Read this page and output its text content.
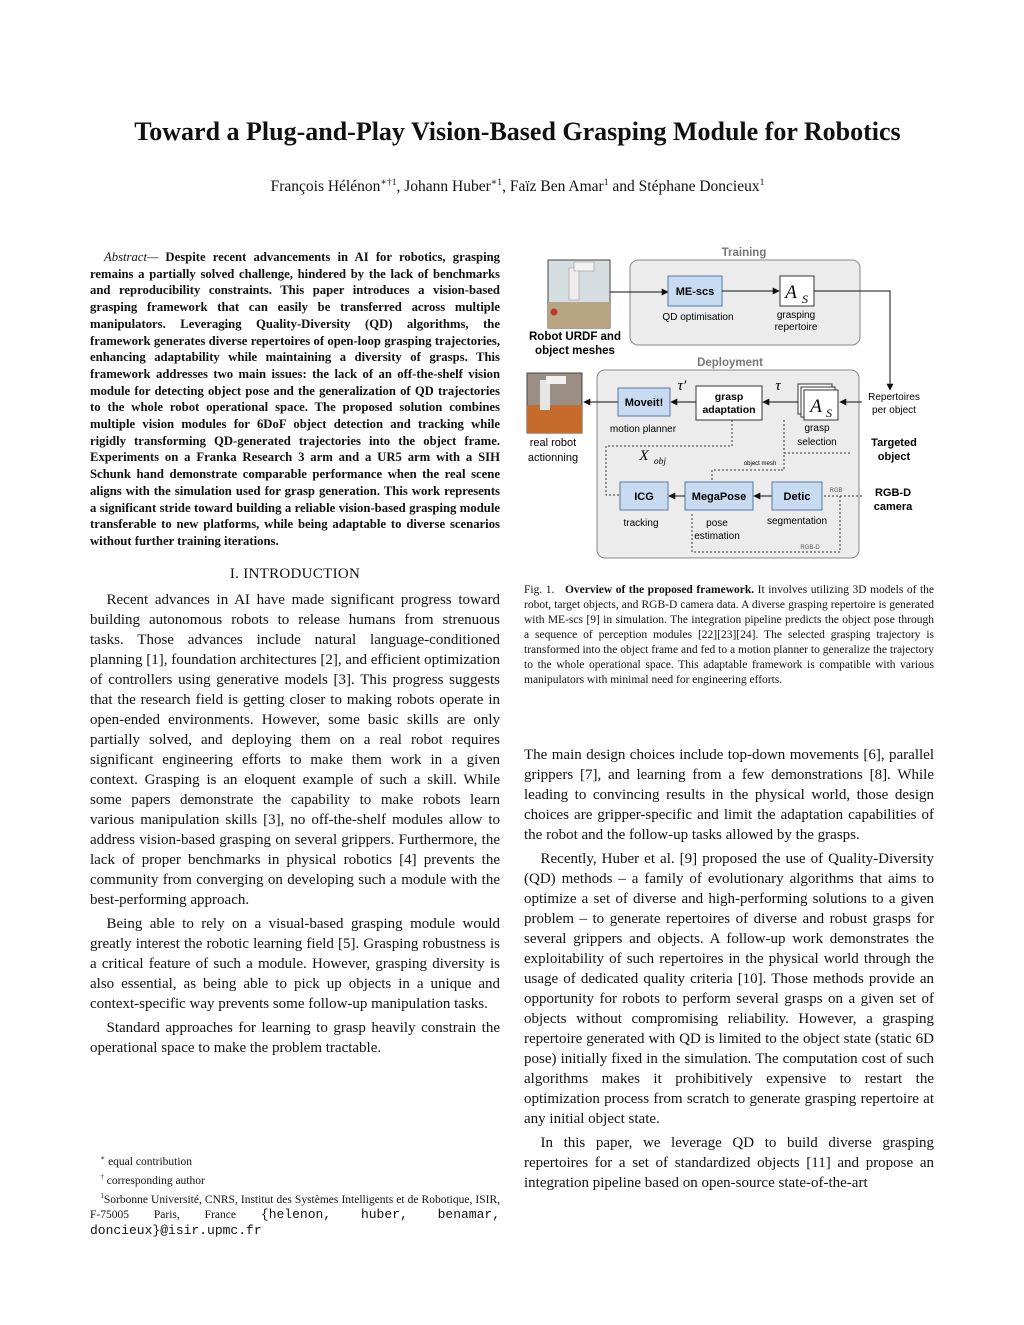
Toward a Plug-and-Play Vision-Based Grasping Module for Robotics
François Hélénon$^{∗\dagger 1}$, Johann Huber$^{∗1}$, Faïz Ben Amar$^1$ and Stéphane Doncieux$^1$

Abstract— Despite recent advancements in AI for robotics, grasping remains a partially solved challenge, hindered by the lack of benchmarks and reproducibility constraints. This paper introduces a vision-based grasping framework that can easily be transferred across multiple manipulators. Leveraging Quality-Diversity (QD) algorithms, the framework generates diverse repertoires of open-loop grasping trajectories, enhancing adaptability while maintaining a diversity of grasps. This framework addresses two main issues: the lack of an off-the-shelf vision module for detecting object pose and the generalization of QD trajectories to the whole robot operational space. The proposed solution combines multiple vision modules for 6DoF object detection and tracking while rigidly transforming QD-generated trajectories into the object frame. Experiments on a Franka Research 3 arm and a UR5 arm with a SIH Schunk hand demonstrate comparable performance when the real scene aligns with the simulation used for grasp generation. This work represents a significant stride toward building a reliable vision-based grasping module transferable to new platforms, while being adaptable to diverse scenarios without further training iterations.

I. INTRODUCTION

Recent advances in AI have made significant progress toward building autonomous robots to release humans from strenuous tasks. Those advances include natural language-conditioned planning [1], foundation architectures [2], and efficient optimization of controllers using generative models [3]. This progress suggests that the research field is getting closer to making robots operate in open-ended environments. However, some basic skills are only partially solved, and deploying them on a real robot requires significant engineering efforts to make them work in a given context. Grasping is an eloquent example of such a skill. While some papers demonstrate the capability to make robots learn various manipulation skills [3], no off-the-shelf modules allow to address vision-based grasping on several grippers. Furthermore, the lack of proper benchmarks in physical robotics [4] prevents the community from converging on developing such a module with the best-performing approach.

Being able to rely on a visual-based grasping module would greatly interest the robotic learning field [5]. Grasping robustness is a critical feature of such a module. However, grasping diversity is also essential, as being able to pick up objects in a unique and context-specific way prevents some follow-up manipulation tasks.

Standard approaches for learning to grasp heavily constrain the operational space to make the problem tractable.

∗ equal contribution
† corresponding author
$^1$Sorbonne Université, CNRS, Institut des Systèmes Intelligents et de Robotique, ISIR, F-75005 Paris, France {helenon, huber, benamar, doncieux}@isir.upmc.fr
Training
Robot URDF and
object meshes
ME-scs
QD optimisation
A S
grasping
repertoire
Repertoires
per object
Targeted
object
RGB-D
camera
Deployment
real robot
actionning
Moveit!
motion planner
grasp
adaptation
τ′
A S
τ
grasp
selection
X obj	object mesh
ICG
tracking
MegaPose
pose
estimation
Detic
segmentation
RGB
RGB-D
Fig. 1. Overview of the proposed framework. It involves utilizing 3D models of the robot, target objects, and RGB-D camera data. A diverse grasping repertoire is generated with ME-scs [9] in simulation. The integration pipeline predicts the object pose through a sequence of perception modules [22][23][24]. The selected grasping trajectory is transformed into the object frame and fed to a motion planner to generalize the trajectory to the whole operational space. This adaptable framework is compatible with various manipulators with minimal need for engineering efforts.

The main design choices include top-down movements [6], parallel grippers [7], and learning from a few demonstrations [8]. While leading to convincing results in the physical world, those design choices are gripper-specific and limit the adaptation capabilities of the robot and the follow-up tasks allowed by the grasps.

Recently, Huber et al. [9] proposed the use of Quality-Diversity (QD) methods – a family of evolutionary algorithms that aims to optimize a set of diverse and high-performing solutions to a given problem – to generate repertoires of diverse and robust grasps for several grippers and objects. A follow-up work demonstrates the exploitability of such repertoires in the physical world through the usage of dedicated quality criteria [10]. Those methods provide an opportunity for robots to perform several grasps on a given set of objects without compromising reliability. However, a grasping repertoire generated with QD is limited to the object state (static 6D pose) initially fixed in the simulation. The computation cost of such algorithms makes it prohibitively expensive to restart the optimization process from scratch to generate grasping repertoire at any initial object state.

In this paper, we leverage QD to build diverse grasping repertoires for a set of standardized objects [11] and propose an integration pipeline based on open-source state-of-the-art
